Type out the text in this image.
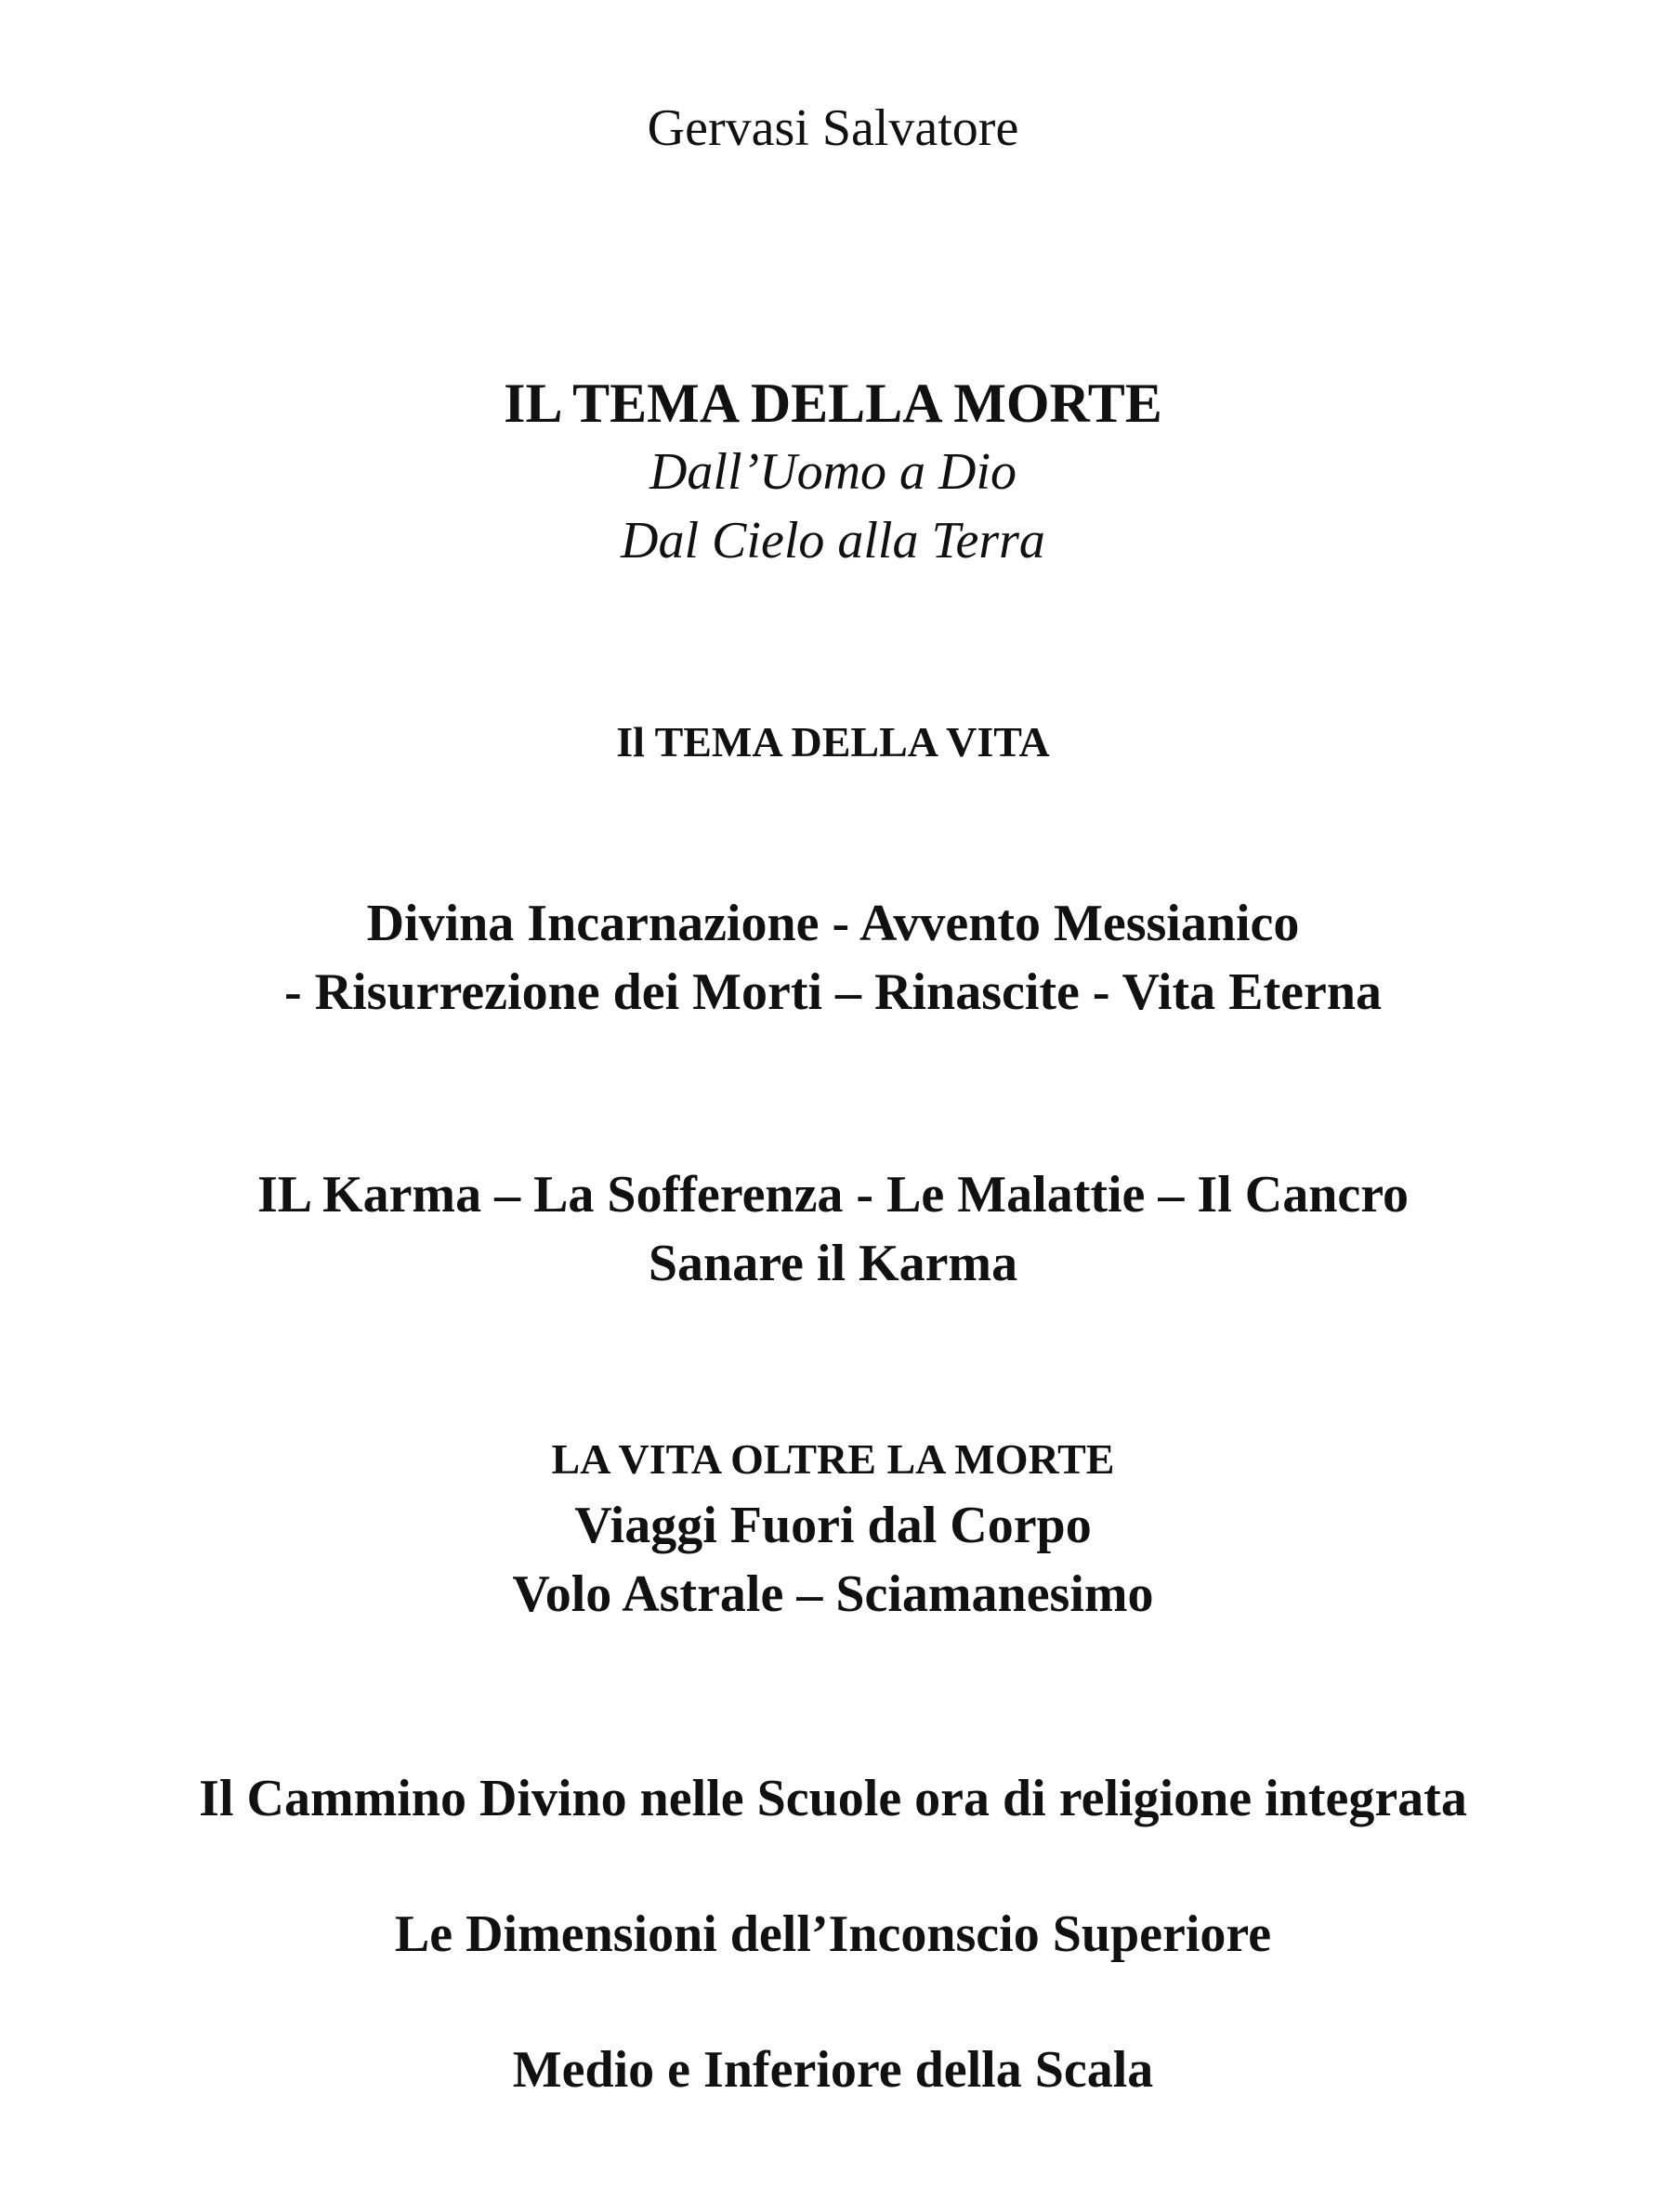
Gervasi Salvatore
IL TEMA DELLA MORTE
Dall’Uomo a Dio
Dal Cielo alla Terra
Il TEMA DELLA VITA
Divina Incarnazione - Avvento Messianico
- Risurrezione dei Morti – Rinascite - Vita Eterna
IL Karma – La Sofferenza - Le Malattie – Il Cancro
Sanare il Karma
LA VITA OLTRE LA MORTE
Viaggi Fuori dal Corpo
Volo Astrale – Sciamanesimo
Il Cammino Divino nelle Scuole ora di religione integrata
Le Dimensioni dell’Inconscio Superiore
Medio e Inferiore della Scala
